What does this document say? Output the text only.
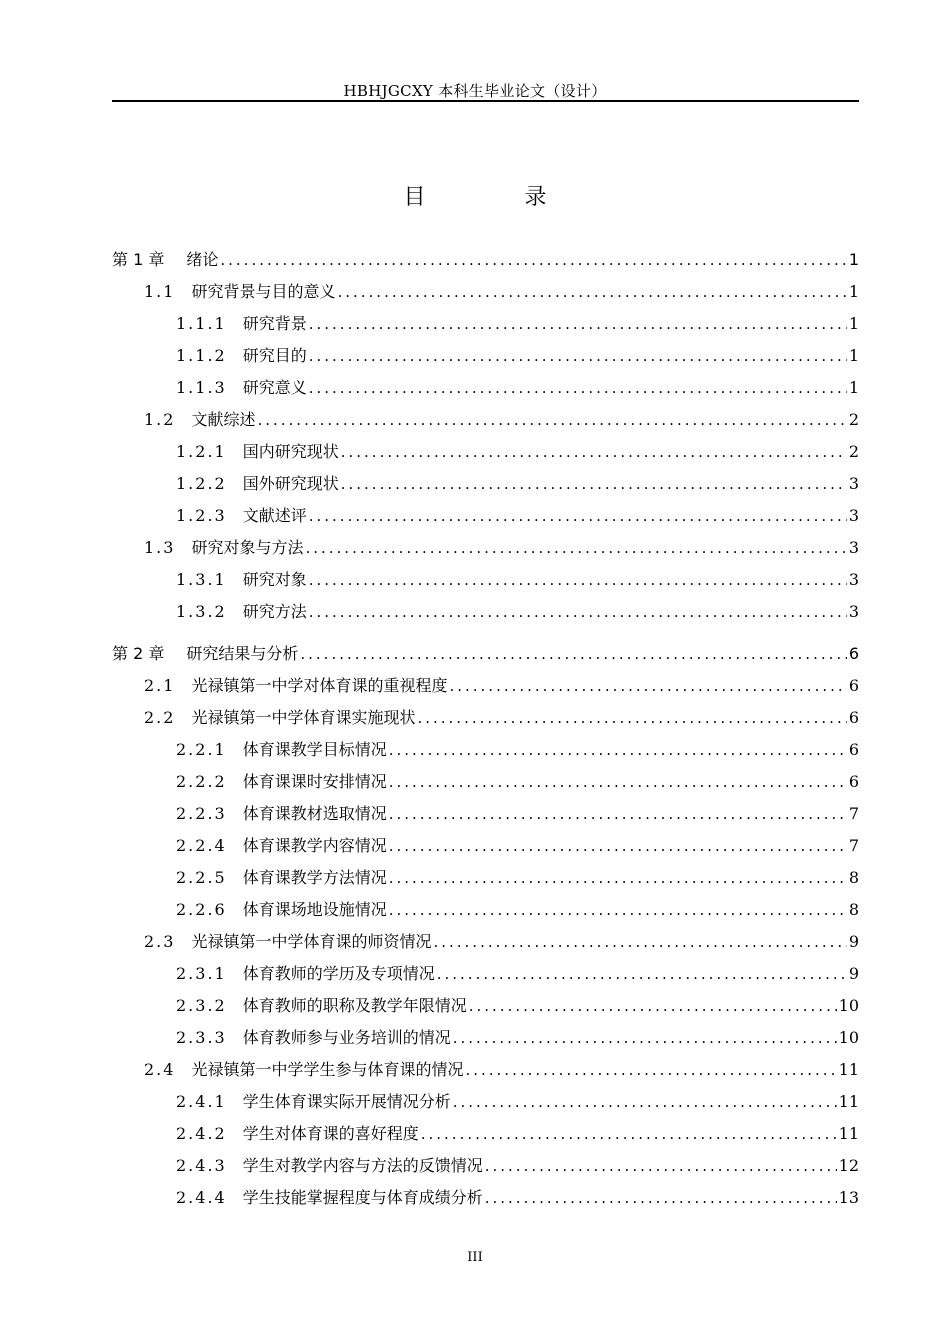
HBHJGCXY 本科生毕业论文（设计）
目 录
第 1 章 绪论 .....	1
1.1 研究背景与目的意义 .....	1
1.1.1 研究背景 .....	1
1.1.2 研究目的 .....	1
1.1.3 研究意义 .....	1
1.2 文献综述 .....	2
1.2.1 国内研究现状 .....	2
1.2.2 国外研究现状 .....	3
1.2.3 文献述评 .....	3
1.3 研究对象与方法 .....	3
1.3.1 研究对象 .....	3
1.3.2 研究方法 .....	3
第 2 章 研究结果与分析 .....	6
2.1 光禄镇第一中学对体育课的重视程度 .....	6
2.2 光禄镇第一中学体育课实施现状 .....	6
2.2.1 体育课教学目标情况 .....	6
2.2.2 体育课课时安排情况 .....	6
2.2.3 体育课教材选取情况 .....	7
2.2.4 体育课教学内容情况 .....	7
2.2.5 体育课教学方法情况 .....	8
2.2.6 体育课场地设施情况 .....	8
2.3 光禄镇第一中学体育课的师资情况 .....	9
2.3.1 体育教师的学历及专项情况 .....	9
2.3.2 体育教师的职称及教学年限情况 .....	10
2.3.3 体育教师参与业务培训的情况 .....	10
2.4 光禄镇第一中学学生参与体育课的情况 .....	11
2.4.1 学生体育课实际开展情况分析 .....	11
2.4.2 学生对体育课的喜好程度 .....	11
2.4.3 学生对教学内容与方法的反馈情况 .....	12
2.4.4 学生技能掌握程度与体育成绩分析 .....	13
III
